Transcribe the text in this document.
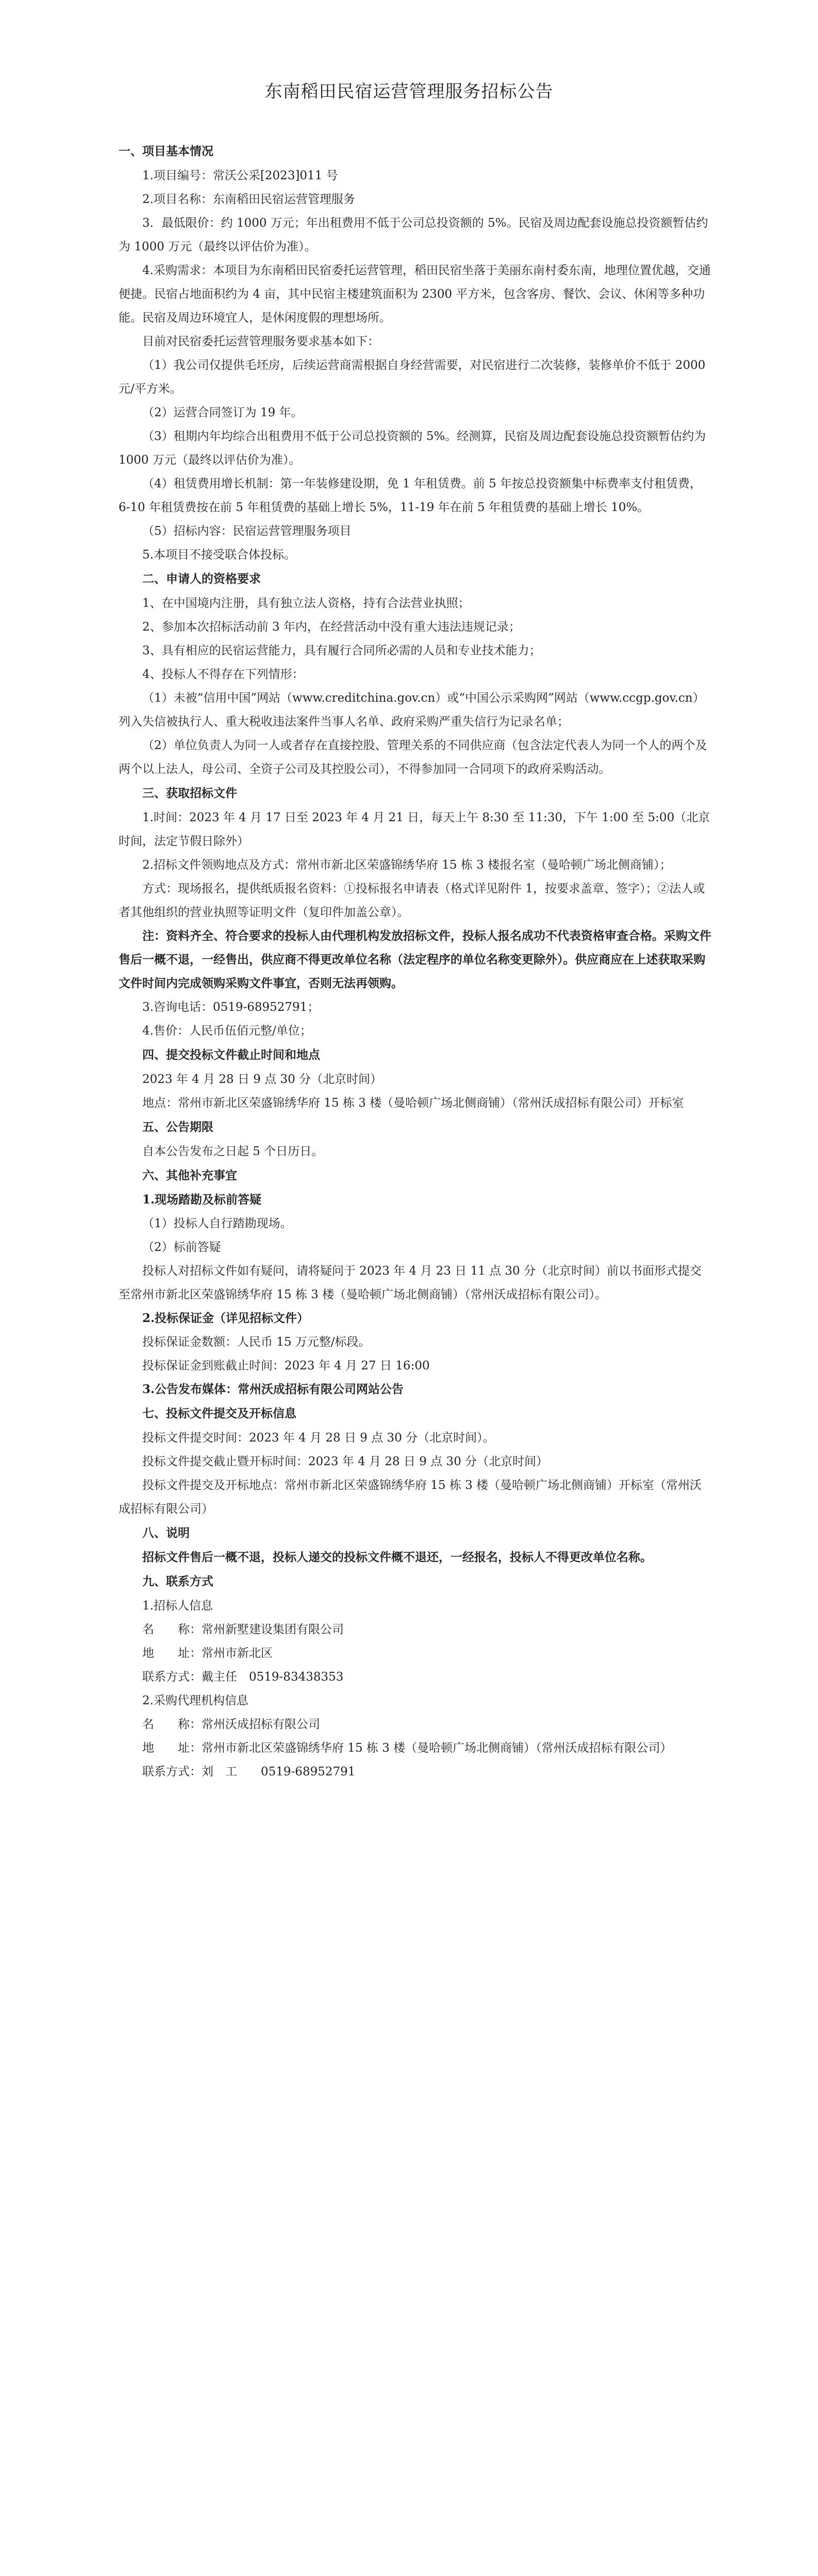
东南稻田民宿运营管理服务招标公告

一、项目基本情况

1.项目编号：常沃公采[2023]011 号

2.项目名称：东南稻田民宿运营管理服务

3．最低限价：约 1000 万元；年出租费用不低于公司总投资额的 5%。民宿及周边配套设施总投资额暂估约为 1000 万元（最终以评估价为准）。

4.采购需求：本项目为东南稻田民宿委托运营管理，稻田民宿坐落于美丽东南村委东南，地理位置优越，交通便捷。民宿占地面积约为 4 亩，其中民宿主楼建筑面积为 2300 平方米，包含客房、餐饮、会议、休闲等多种功能。民宿及周边环境宜人，是休闲度假的理想场所。

目前对民宿委托运营管理服务要求基本如下：

（1）我公司仅提供毛坯房，后续运营商需根据自身经营需要，对民宿进行二次装修，装修单价不低于 2000 元/平方米。

（2）运营合同签订为 19 年。

（3）租期内年均综合出租费用不低于公司总投资额的 5%。经测算，民宿及周边配套设施总投资额暂估约为 1000 万元（最终以评估价为准）。

（4）租赁费用增长机制：第一年装修建设期，免 1 年租赁费。前 5 年按总投资额集中标费率支付租赁费，6-10 年租赁费按在前 5 年租赁费的基础上增长 5%，11-19 年在前 5 年租赁费的基础上增长 10%。

（5）招标内容：民宿运营管理服务项目

5.本项目不接受联合体投标。

二、申请人的资格要求

1、在中国境内注册，具有独立法人资格，持有合法营业执照；

2、参加本次招标活动前 3 年内，在经营活动中没有重大违法违规记录；

3、具有相应的民宿运营能力，具有履行合同所必需的人员和专业技术能力；

4、投标人不得存在下列情形：

（1）未被“信用中国”网站（www.creditchina.gov.cn）或“中国公示采购网”网站（www.ccgp.gov.cn）列入失信被执行人、重大税收违法案件当事人名单、政府采购严重失信行为记录名单；

（2）单位负责人为同一人或者存在直接控股、管理关系的不同供应商（包含法定代表人为同一个人的两个及两个以上法人，母公司、全资子公司及其控股公司），不得参加同一合同项下的政府采购活动。

三、获取招标文件

1.时间：2023 年 4 月 17 日至 2023 年 4 月 21 日，每天上午 8:30 至 11:30，下午 1:00 至 5:00（北京时间，法定节假日除外）

2.招标文件领购地点及方式：常州市新北区荣盛锦绣华府 15 栋 3 楼报名室（曼哈顿广场北侧商铺）；

方式：现场报名，提供纸质报名资料：①投标报名申请表（格式详见附件 1，按要求盖章、签字）；②法人或者其他组织的营业执照等证明文件（复印件加盖公章）。

注：资料齐全、符合要求的投标人由代理机构发放招标文件，投标人报名成功不代表资格审查合格。采购文件售后一概不退，一经售出，供应商不得更改单位名称（法定程序的单位名称变更除外）。供应商应在上述获取采购文件时间内完成领购采购文件事宜，否则无法再领购。

3.咨询电话：0519-68952791；

4.售价：人民币伍佰元整/单位；

四、提交投标文件截止时间和地点

2023 年 4 月 28 日 9 点 30 分（北京时间）

地点：常州市新北区荣盛锦绣华府 15 栋 3 楼（曼哈顿广场北侧商铺）（常州沃成招标有限公司）开标室

五、公告期限

自本公告发布之日起 5 个日历日。

六、其他补充事宜

1.现场踏勘及标前答疑

（1）投标人自行踏勘现场。

（2）标前答疑

投标人对招标文件如有疑问，请将疑问于 2023 年 4 月 23 日 11 点 30 分（北京时间）前以书面形式提交至常州市新北区荣盛锦绣华府 15 栋 3 楼（曼哈顿广场北侧商铺）（常州沃成招标有限公司）。

2.投标保证金（详见招标文件）

投标保证金数额：人民币 15 万元整/标段。

投标保证金到账截止时间：2023 年 4 月 27 日 16:00

3.公告发布媒体：常州沃成招标有限公司网站公告

七、投标文件提交及开标信息

投标文件提交时间：2023 年 4 月 28 日 9 点 30 分（北京时间）。

投标文件提交截止暨开标时间：2023 年 4 月 28 日 9 点 30 分（北京时间）

投标文件提交及开标地点：常州市新北区荣盛锦绣华府 15 栋 3 楼（曼哈顿广场北侧商铺）开标室（常州沃成招标有限公司）

八、说明

招标文件售后一概不退，投标人递交的投标文件概不退还，一经报名，投标人不得更改单位名称。

九、联系方式

1.招标人信息

名　　称：常州新墅建设集团有限公司

地　　址：常州市新北区

联系方式：戴主任　0519-83438353

2.采购代理机构信息

名　　称：常州沃成招标有限公司

地　　址：常州市新北区荣盛锦绣华府 15 栋 3 楼（曼哈顿广场北侧商铺）（常州沃成招标有限公司）

联系方式：刘　工　　0519-68952791
